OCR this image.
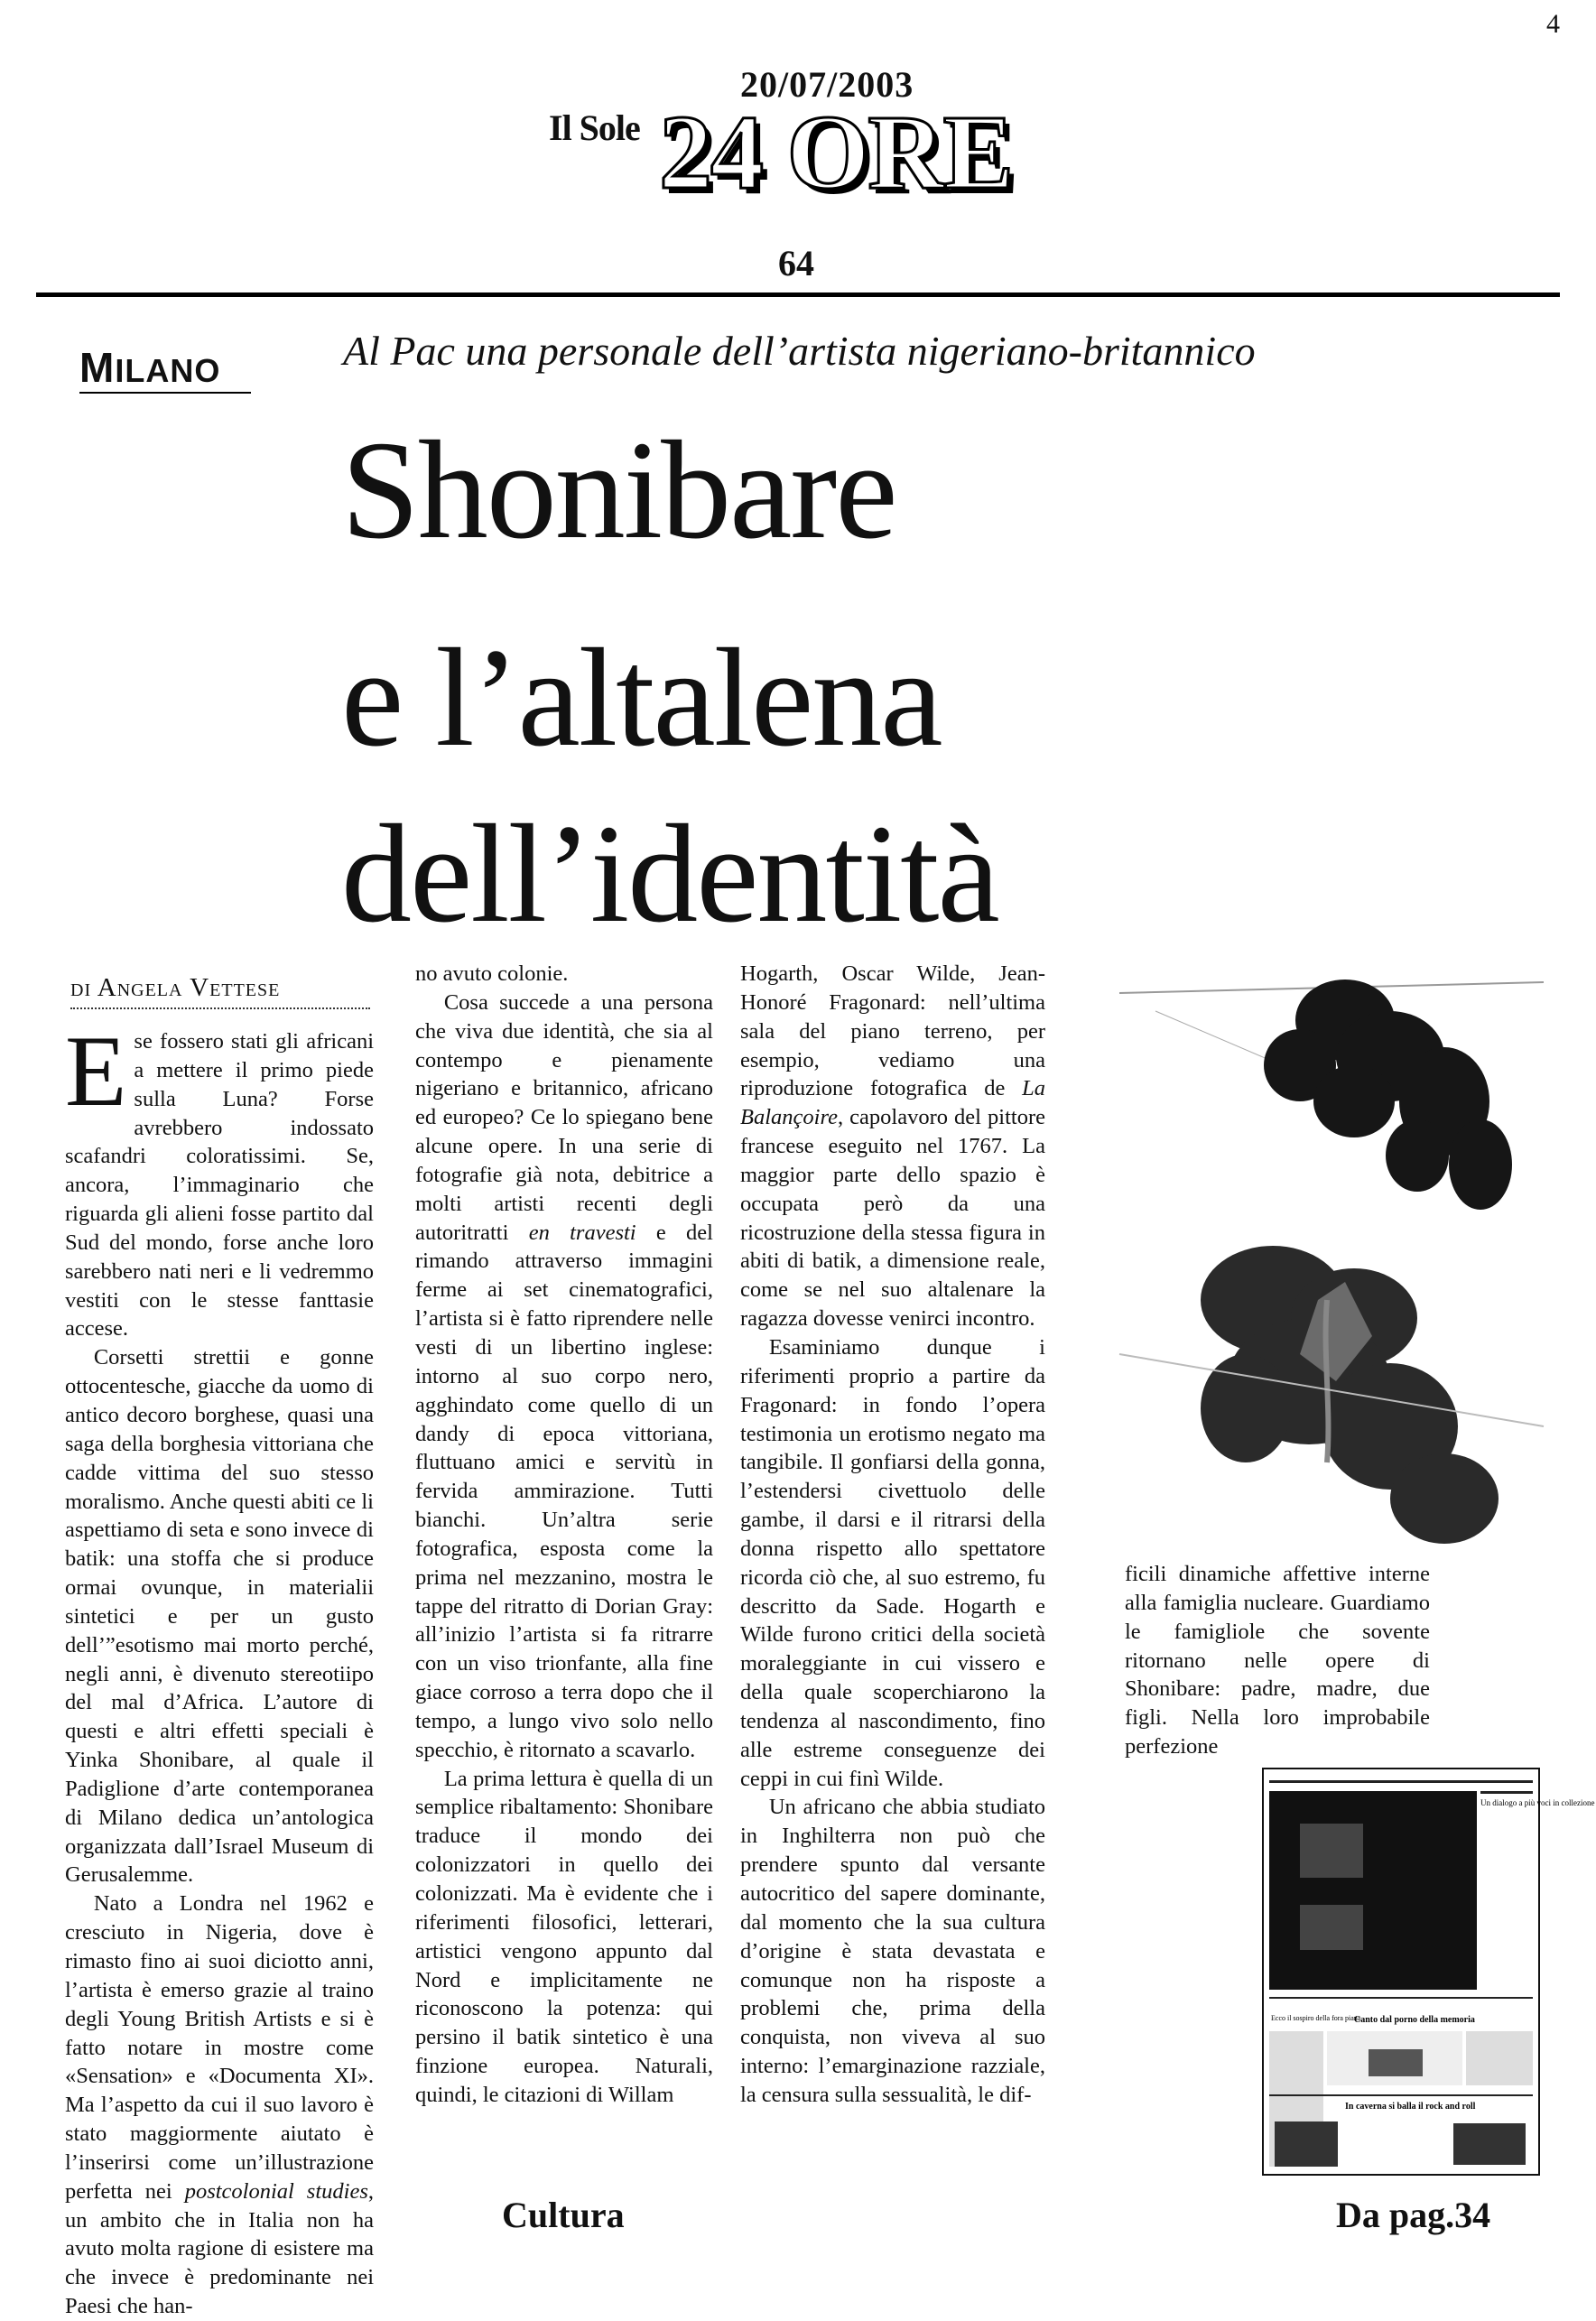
4
20/07/2003
Il Sole 24 ORE
64
MILANO	Al Pac una personale dell’artista nigeriano-britannico
Shonibare
e l’altalena
dell’identità
di Angela Vettese

Ese fossero stati gli africani a mettere il primo piede sulla Luna? Forse avrebbero indossato scafandri coloratissimi. Se, ancora, l’immaginario che riguarda gli alieni fosse partito dal Sud del mondo, forse anche loro sarebbero nati neri e li vedremmo vestiti con le stesse fanttasie accese.

Corsetti strettii e gonne ottocentesche, giacche da uomo di antico decoro borghese, quasi una saga della borghesia vittoriana che cadde vittima del suo stesso moralismo. Anche questi abiti ce li aspettiamo di seta e sono invece di batik: una stoffa che si produce ormai ovunque, in materialii sintetici e per un gusto dell’”esotismo mai morto perché, negli anni, è divenuto stereotiipo del mal d’Africa. L’autore di questi e altri effetti speciali è Yinka Shonibare, al quale il Padiglione d’arte contemporanea di Milano dedica un’antologica organizzata dall’Israel Museum di Gerusalemme.

Nato a Londra nel 1962 e cresciuto in Nigeria, dove è rimasto fino ai suoi diciotto anni, l’artista è emerso grazie al traino degli Young British Artists e si è fatto notare in mostre come «Sensation» e «Documenta XI». Ma l’aspetto da cui il suo lavoro è stato maggiormente aiutato è l’inserirsi come un’illustrazione perfetta nei postcolonial studies, un ambito che in Italia non ha avuto molta ragione di esistere ma che invece è predominante nei Paesi che han-

no avuto colonie.

Cosa succede a una persona che viva due identità, che sia al contempo e pienamente nigeriano e britannico, africano ed europeo? Ce lo spiegano bene alcune opere. In una serie di fotografie già nota, debitrice a molti artisti recenti degli autoritratti en travesti e del rimando attraverso immagini ferme ai set cinematografici, l’artista si è fatto riprendere nelle vesti di un libertino inglese: intorno al suo corpo nero, agghindato come quello di un dandy di epoca vittoriana, fluttuano amici e servitù in fervida ammirazione. Tutti bianchi. Un’altra serie fotografica, esposta come la prima nel mezzanino, mostra le tappe del ritratto di Dorian Gray: all’inizio l’artista si fa ritrarre con un viso trionfante, alla fine giace corroso a terra dopo che il tempo, a lungo vivo solo nello specchio, è ritornato a scavarlo.

La prima lettura è quella di un semplice ribaltamento: Shonibare traduce il mondo dei colonizzatori in quello dei colonizzati. Ma è evidente che i riferimenti filosofici, letterari, artistici vengono appunto dal Nord e implicitamente ne riconoscono la potenza: qui persino il batik sintetico è una finzione europea. Naturali, quindi, le citazioni di Willam

Hogarth, Oscar Wilde, Jean-Honoré Fragonard: nell’ultima sala del piano terreno, per esempio, vediamo una riproduzione fotografica de La Balançoire, capolavoro del pittore francese eseguito nel 1767. La maggior parte dello spazio è occupata però da una ricostruzione della stessa figura in abiti di batik, a dimensione reale, come se nel suo altalenare la ragazza dovesse venirci incontro.

Esaminiamo dunque i riferimenti proprio a partire da Fragonard: in fondo l’opera testimonia un erotismo negato ma tangibile. Il gonfiarsi della gonna, l’estendersi civettuolo delle gambe, il darsi e il ritrarsi della donna rispetto allo spettatore ricorda ciò che, al suo estremo, fu descritto da Sade. Hogarth e Wilde furono critici della società moraleggiante in cui vissero e della quale scoperchiarono la tendenza al nascondimento, fino alle estreme conseguenze dei ceppi in cui finì Wilde.

Un africano che abbia studiato in Inghilterra non può che prendere spunto dal versante autocritico del sapere dominante, dal momento che la sua cultura d’origine è stata devastata e comunque non ha risposte a problemi che, prima della conquista, non viveva al suo interno: l’emarginazione razziale, la censura sulla sessualità, le dif-

ficili dinamiche affettive interne alla famiglia nucleare. Guardiamo le famigliole che sovente ritornano nelle opere di Shonibare: padre, madre, due figli. Nella loro improbabile perfezione

Un dialogo a più voci in collezione
Canto dal porno della memoria
Ecco il sospiro della fora piana
In caverna si balla il rock and roll
Cultura	Da pag.34
